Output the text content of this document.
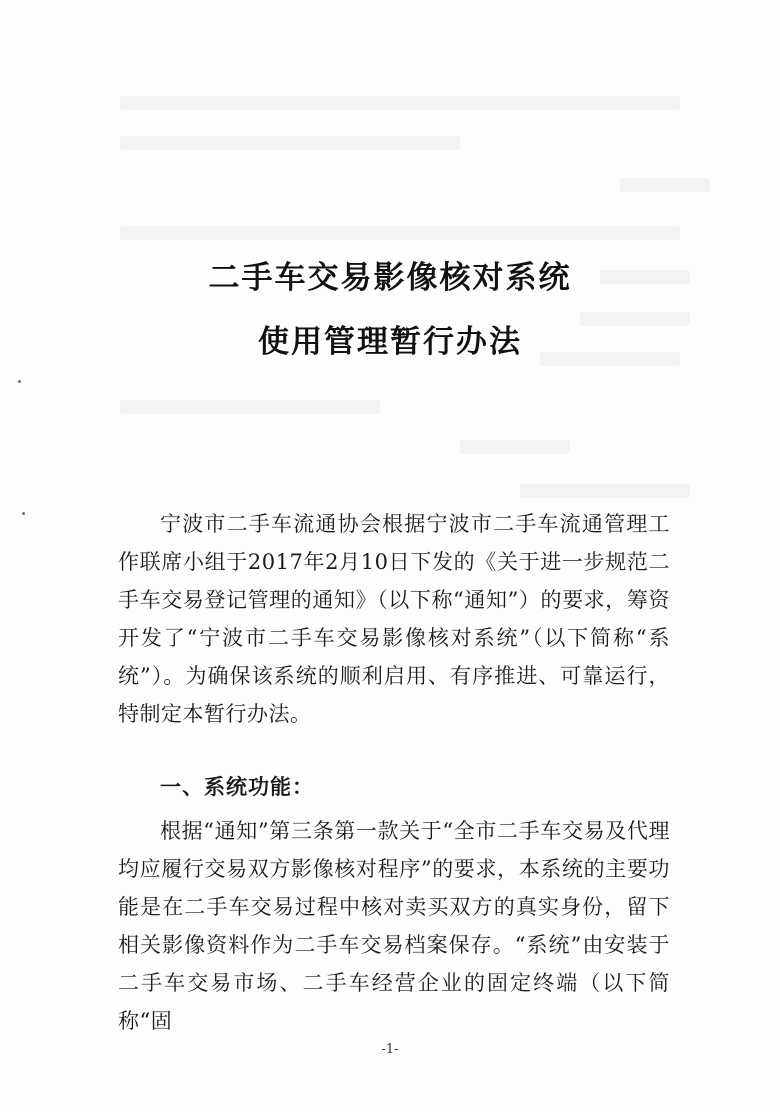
二手车交易影像核对系统
使用管理暂行办法

宁波市二手车流通协会根据宁波市二手车流通管理工作联席小组于2017年2月10日下发的《关于进一步规范二手车交易登记管理的通知》（以下称“通知”）的要求，筹资开发了“宁波市二手车交易影像核对系统”（以下简称“系统”）。为确保该系统的顺利启用、有序推进、可靠运行，特制定本暂行办法。

一、系统功能：

根据“通知”第三条第一款关于“全市二手车交易及代理均应履行交易双方影像核对程序”的要求，本系统的主要功能是在二手车交易过程中核对卖买双方的真实身份，留下相关影像资料作为二手车交易档案保存。“系统”由安装于二手车交易市场、二手车经营企业的固定终端（以下简称“固

-1-
